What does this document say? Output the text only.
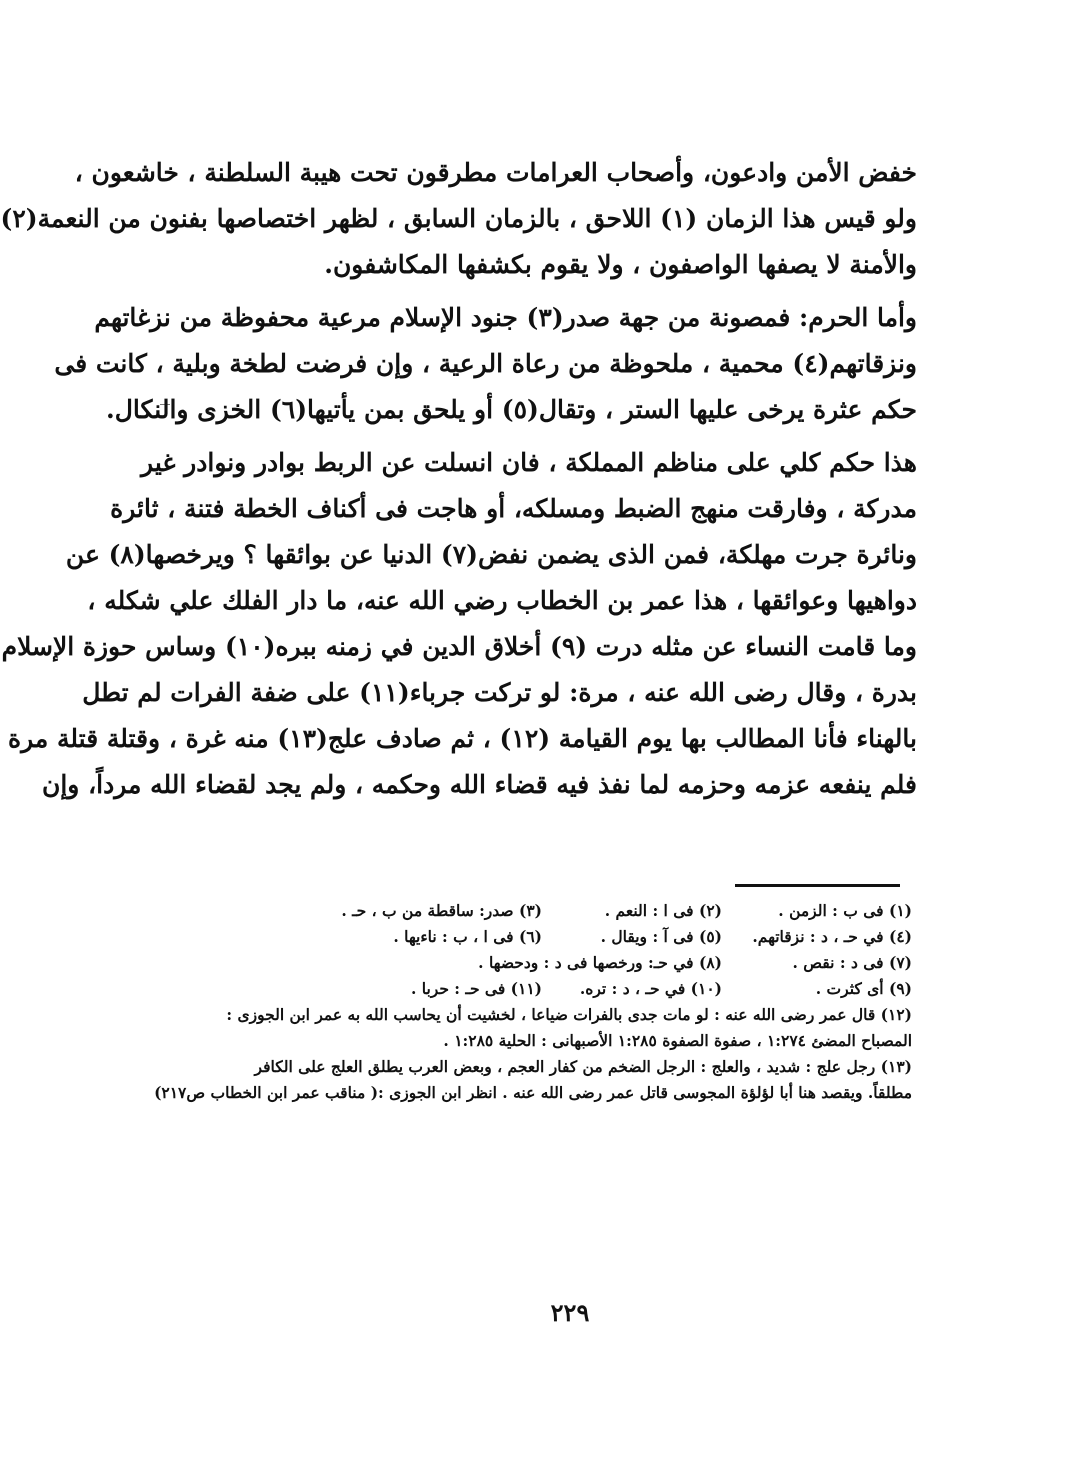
خفض الأمن وادعون، وأصحاب العرامات مطرقون تحت هيبة السلطنة ، خاشعون ،
ولو قيس هذا الزمان (١) اللاحق ، بالزمان السابق ، لظهر اختصاصها بفنون من النعمة(٢)
والأمنة لا يصفها الواصفون ، ولا يقوم بكشفها المكاشفون.
وأما الحرم: فمصونة من جهة صدر(٣) جنود الإسلام مرعية محفوظة من نزغاتهم
ونزقاتهم(٤) محمية ، ملحوظة من رعاة الرعية ، وإن فرضت لطخة وبلية ، كانت فى
حكم عثرة يرخى عليها الستر ، وتقال(٥) أو يلحق بمن يأتيها(٦) الخزى والنكال.
هذا حكم كلي على مناظم المملكة ، فان انسلت عن الربط بوادر ونوادر غير
مدركة ، وفارقت منهج الضبط ومسلكه، أو هاجت فى أكناف الخطة فتنة ، ثائرة
ونائرة جرت مهلكة، فمن الذى يضمن نفض(٧) الدنيا عن بوائقها ؟ ويرخصها(٨) عن
دواهيها وعوائقها ، هذا عمر بن الخطاب رضي الله عنه، ما دار الفلك علي شكله ،
وما قامت النساء عن مثله درت (٩) أخلاق الدين في زمنه ببره(١٠) وساس حوزة الإسلام
بدرة ، وقال رضى الله عنه ، مرة: لو تركت جرباء(١١) على ضفة الفرات لم تطل
بالهناء فأنا المطالب بها يوم القيامة (١٢) ، ثم صادف علج(١٣) منه غرة ، وقتلة قتلة مرة
فلم ينفعه عزمه وحزمه لما نفذ فيه قضاء الله وحكمه ، ولم يجد لقضاء الله مرداً، وإن
(١) فى ب : الزمن .
(٢) فى ا : النعم .
(٣) صدر: ساقطة من ب ، حـ .
(٤) في حـ ، د : نزقاتهم.
(٥) فى آ : ويقال .
(٦) فى ا ، ب : ناءيها .
(٧) فى د : نقص .
(٨) في حـ: ورخصها فى د : ودحضها .
(٩) أى كثرت .
(١٠) في حـ ، د : تره.
(١١) فى حـ : حربا .
(١٢) قال عمر رضى الله عنه : لو مات جدى بالفرات ضياعا ، لخشيت أن يحاسب الله به عمر ابن الجوزى :
المصباح المضئ ١:٢٧٤ ، صفوة الصفوة ١:٢٨٥ الأصبهانى : الحلية ١:٢٨٥ .
(١٣) رجل علج : شديد ، والعلج : الرجل الضخم من كفار العجم ، وبعض العرب يطلق العلج على الكافر
مطلقاً. ويقصد هنا أبا لؤلؤة المجوسى قاتل عمر رضى الله عنه . انظر ابن الجوزى :( مناقب عمر ابن الخطاب ص٢١٧)
٢٢٩
